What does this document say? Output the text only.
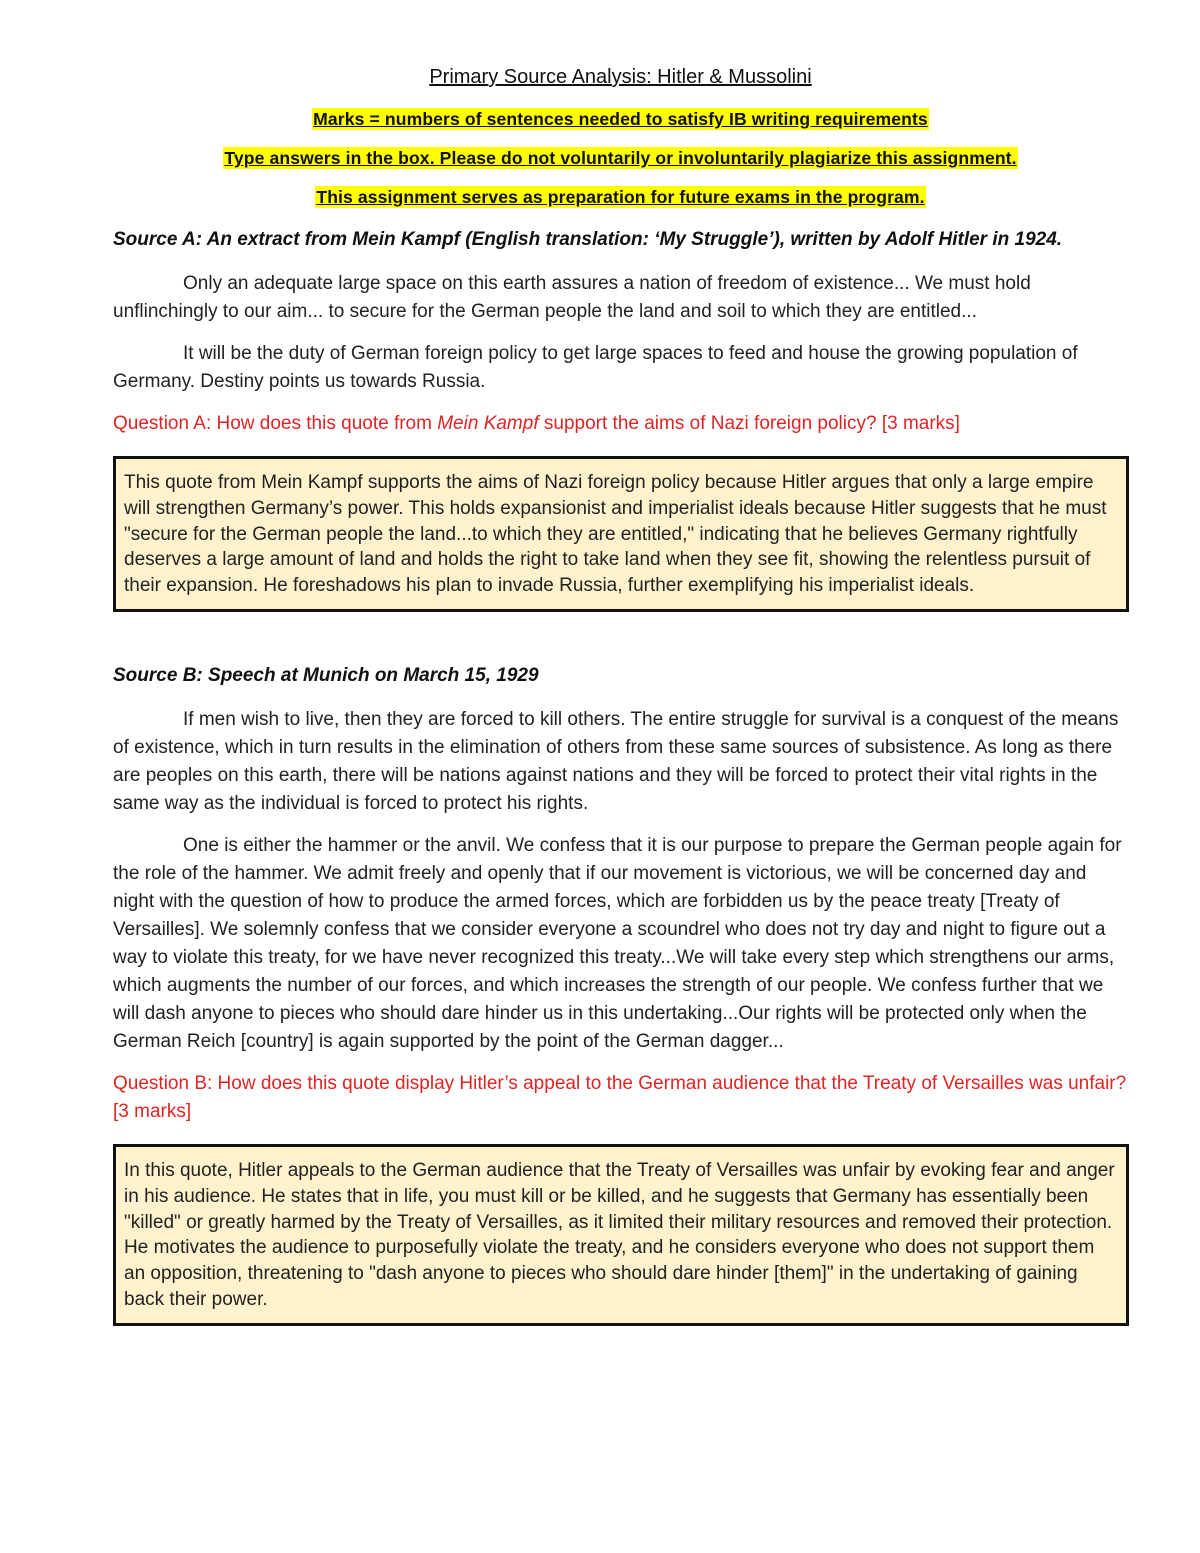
Primary Source Analysis: Hitler & Mussolini
Marks = numbers of sentences needed to satisfy IB writing requirements
Type answers in the box. Please do not voluntarily or involuntarily plagiarize this assignment.
This assignment serves as preparation for future exams in the program.
Source A: An extract from Mein Kampf (English translation: ‘My Struggle’), written by Adolf Hitler in 1924.

Only an adequate large space on this earth assures a nation of freedom of existence... We must hold unflinchingly to our aim... to secure for the German people the land and soil to which they are entitled...

It will be the duty of German foreign policy to get large spaces to feed and house the growing population of Germany. Destiny points us towards Russia.

Question A: How does this quote from Mein Kampf support the aims of Nazi foreign policy? [3 marks]
This quote from Mein Kampf supports the aims of Nazi foreign policy because Hitler argues that only a large empire will strengthen Germany’s power. This holds expansionist and imperialist ideals because Hitler suggests that he must "secure for the German people the land...to which they are entitled," indicating that he believes Germany rightfully deserves a large amount of land and holds the right to take land when they see fit, showing the relentless pursuit of their expansion. He foreshadows his plan to invade Russia, further exemplifying his imperialist ideals.
Source B: Speech at Munich on March 15, 1929

If men wish to live, then they are forced to kill others. The entire struggle for survival is a conquest of the means of existence, which in turn results in the elimination of others from these same sources of subsistence. As long as there are peoples on this earth, there will be nations against nations and they will be forced to protect their vital rights in the same way as the individual is forced to protect his rights.

One is either the hammer or the anvil. We confess that it is our purpose to prepare the German people again for the role of the hammer. We admit freely and openly that if our movement is victorious, we will be concerned day and night with the question of how to produce the armed forces, which are forbidden us by the peace treaty [Treaty of Versailles]. We solemnly confess that we consider everyone a scoundrel who does not try day and night to figure out a way to violate this treaty, for we have never recognized this treaty...We will take every step which strengthens our arms, which augments the number of our forces, and which increases the strength of our people. We confess further that we will dash anyone to pieces who should dare hinder us in this undertaking...Our rights will be protected only when the German Reich [country] is again supported by the point of the German dagger...

Question B: How does this quote display Hitler’s appeal to the German audience that the Treaty of Versailles was unfair? [3 marks]
In this quote, Hitler appeals to the German audience that the Treaty of Versailles was unfair by evoking fear and anger in his audience. He states that in life, you must kill or be killed, and he suggests that Germany has essentially been "killed" or greatly harmed by the Treaty of Versailles, as it limited their military resources and removed their protection. He motivates the audience to purposefully violate the treaty, and he considers everyone who does not support them an opposition, threatening to "dash anyone to pieces who should dare hinder [them]" in the undertaking of gaining back their power.
